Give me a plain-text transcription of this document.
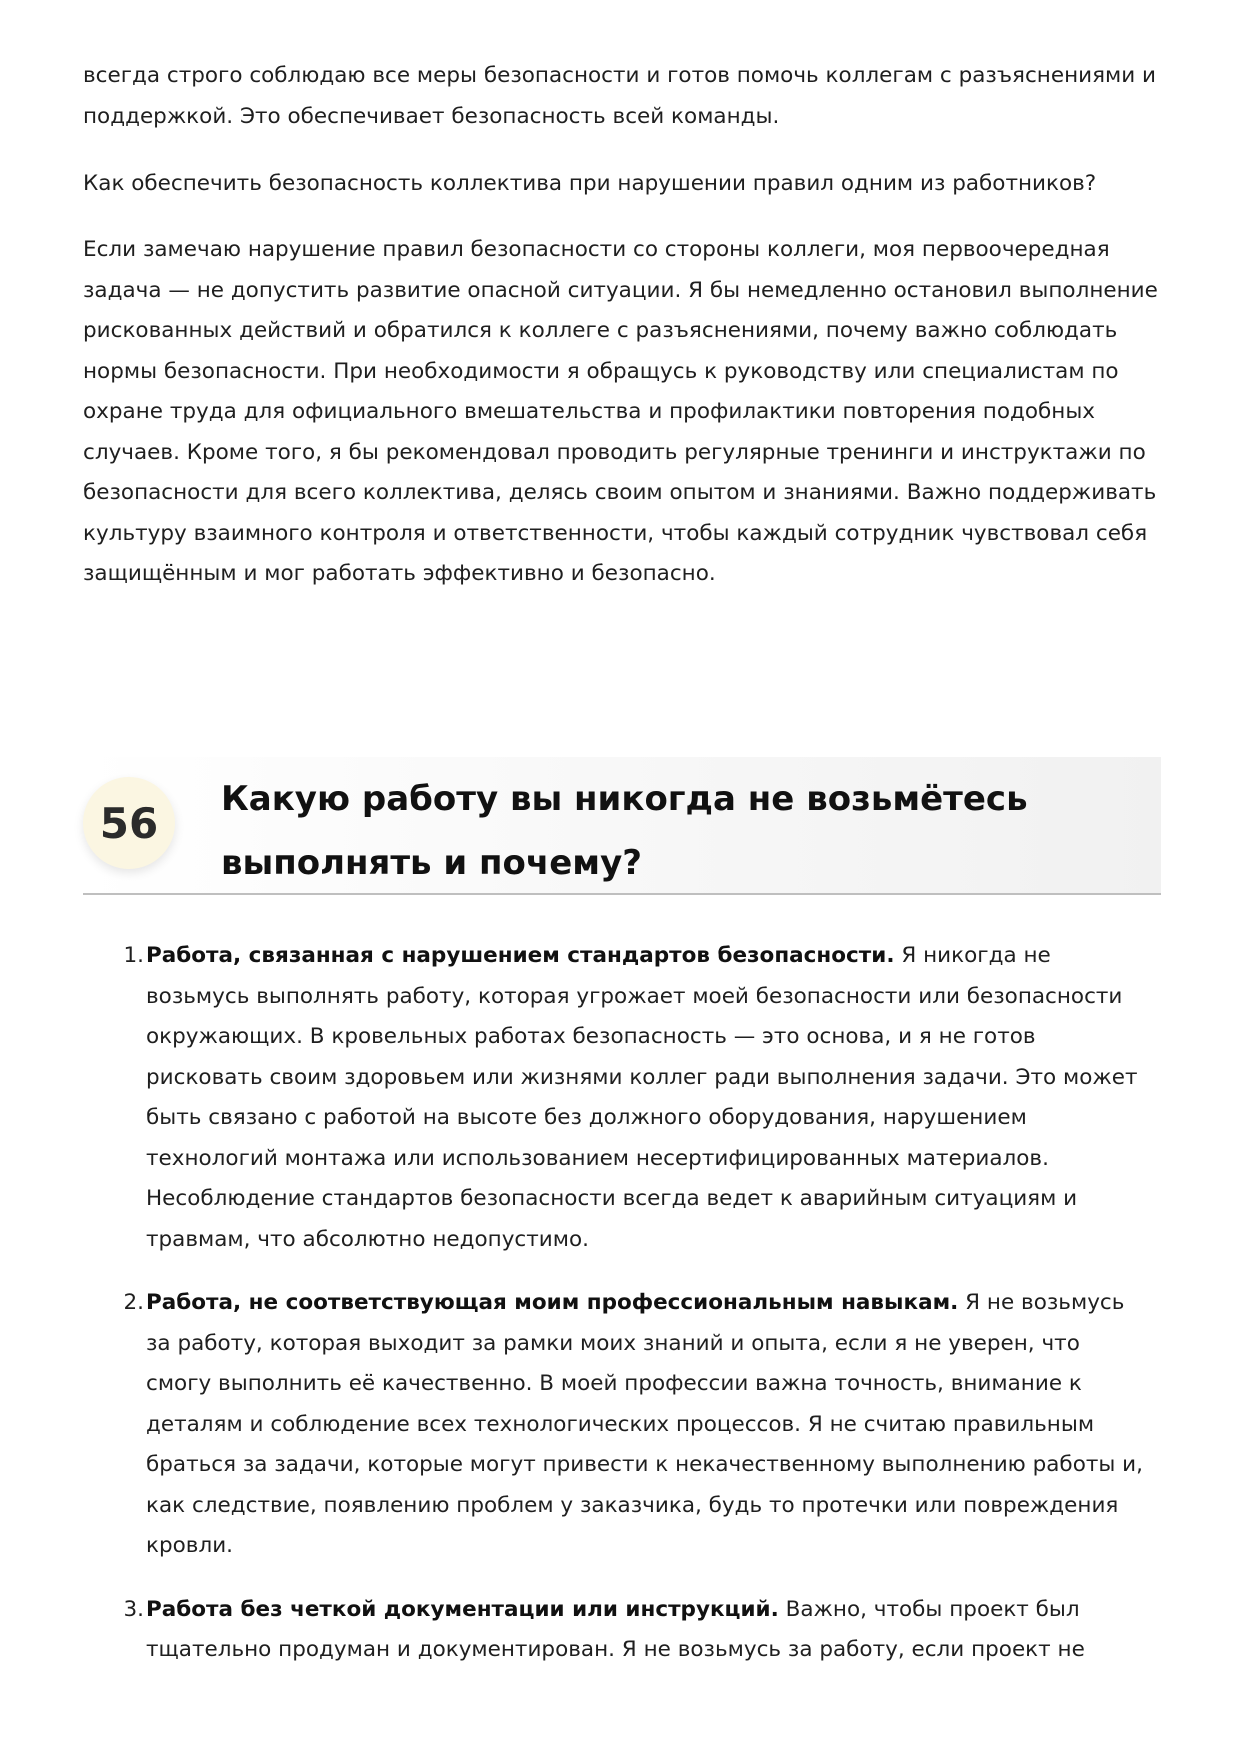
всегда строго соблюдаю все меры безопасности и готов помочь коллегам с разъяснениями и поддержкой. Это обеспечивает безопасность всей команды.

Как обеспечить безопасность коллектива при нарушении правил одним из работников?

Если замечаю нарушение правил безопасности со стороны коллеги, моя первоочередная задача — не допустить развитие опасной ситуации. Я бы немедленно остановил выполнение рискованных действий и обратился к коллеге с разъяснениями, почему важно соблюдать нормы безопасности. При необходимости я обращусь к руководству или специалистам по охране труда для официального вмешательства и профилактики повторения подобных случаев. Кроме того, я бы рекомендовал проводить регулярные тренинги и инструктажи по безопасности для всего коллектива, делясь своим опытом и знаниями. Важно поддерживать культуру взаимного контроля и ответственности, чтобы каждый сотрудник чувствовал себя защищённым и мог работать эффективно и безопасно.

56	Какую работу вы никогда не возьмётесь
выполнять и почему?
1. Работа, связанная с нарушением стандартов безопасности. Я никогда не возьмусь выполнять работу, которая угрожает моей безопасности или безопасности окружающих. В кровельных работах безопасность — это основа, и я не готов рисковать своим здоровьем или жизнями коллег ради выполнения задачи. Это может быть связано с работой на высоте без должного оборудования, нарушением технологий монтажа или использованием несертифицированных материалов. Несоблюдение стандартов безопасности всегда ведет к аварийным ситуациям и травмам, что абсолютно недопустимо.
2. Работа, не соответствующая моим профессиональным навыкам. Я не возьмусь за работу, которая выходит за рамки моих знаний и опыта, если я не уверен, что смогу выполнить её качественно. В моей профессии важна точность, внимание к деталям и соблюдение всех технологических процессов. Я не считаю правильным браться за задачи, которые могут привести к некачественному выполнению работы и, как следствие, появлению проблем у заказчика, будь то протечки или повреждения кровли.
3. Работа без четкой документации или инструкций. Важно, чтобы проект был тщательно продуман и документирован. Я не возьмусь за работу, если проект не
